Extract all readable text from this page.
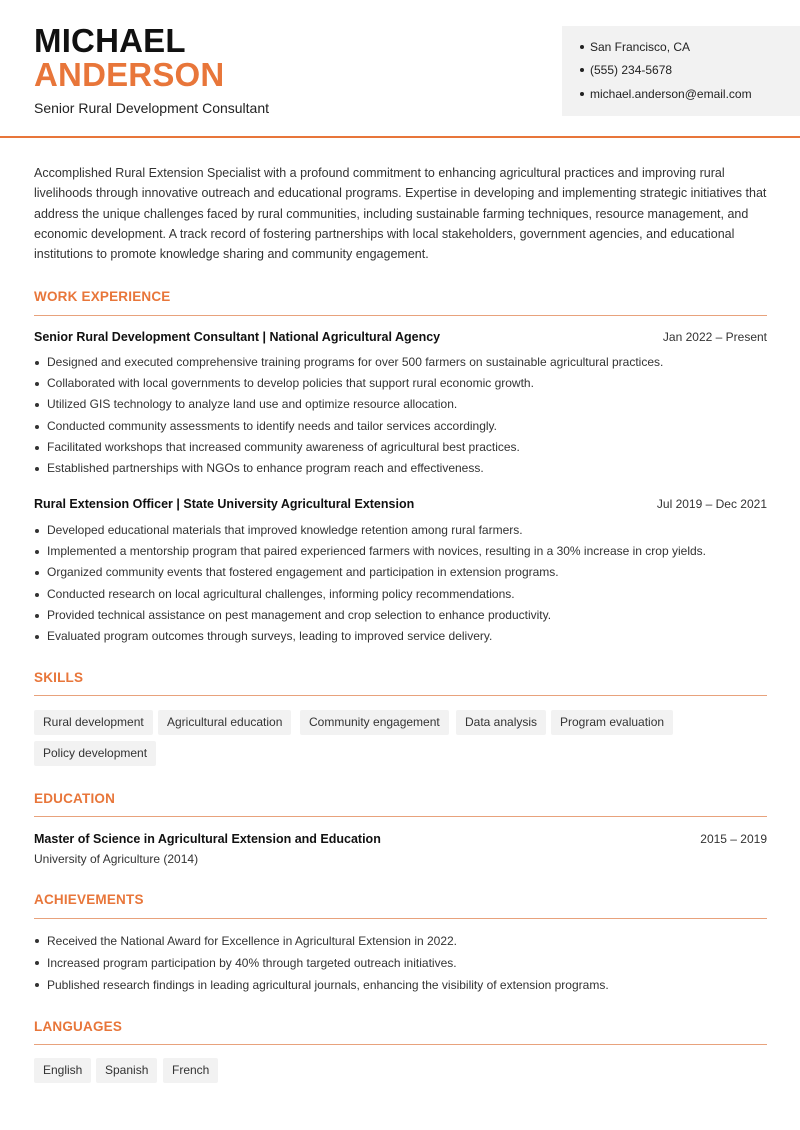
MICHAEL
ANDERSON
Senior Rural Development Consultant
San Francisco, CA
(555) 234-5678
michael.anderson@email.com
Accomplished Rural Extension Specialist with a profound commitment to enhancing agricultural practices and improving rural livelihoods through innovative outreach and educational programs. Expertise in developing and implementing strategic initiatives that address the unique challenges faced by rural communities, including sustainable farming techniques, resource management, and economic development. A track record of fostering partnerships with local stakeholders, government agencies, and educational institutions to promote knowledge sharing and community engagement.
WORK EXPERIENCE
Senior Rural Development Consultant | National Agricultural Agency	Jan 2022 – Present
Designed and executed comprehensive training programs for over 500 farmers on sustainable agricultural practices.
Collaborated with local governments to develop policies that support rural economic growth.
Utilized GIS technology to analyze land use and optimize resource allocation.
Conducted community assessments to identify needs and tailor services accordingly.
Facilitated workshops that increased community awareness of agricultural best practices.
Established partnerships with NGOs to enhance program reach and effectiveness.
Rural Extension Officer | State University Agricultural Extension	Jul 2019 – Dec 2021
Developed educational materials that improved knowledge retention among rural farmers.
Implemented a mentorship program that paired experienced farmers with novices, resulting in a 30% increase in crop yields.
Organized community events that fostered engagement and participation in extension programs.
Conducted research on local agricultural challenges, informing policy recommendations.
Provided technical assistance on pest management and crop selection to enhance productivity.
Evaluated program outcomes through surveys, leading to improved service delivery.
SKILLS
Rural development	Agricultural education	Community engagement	Data analysis	Program evaluation
Policy development
EDUCATION
Master of Science in Agricultural Extension and Education	2015 – 2019
University of Agriculture (2014)
ACHIEVEMENTS
Received the National Award for Excellence in Agricultural Extension in 2022.
Increased program participation by 40% through targeted outreach initiatives.
Published research findings in leading agricultural journals, enhancing the visibility of extension programs.
LANGUAGES
English	Spanish	French
